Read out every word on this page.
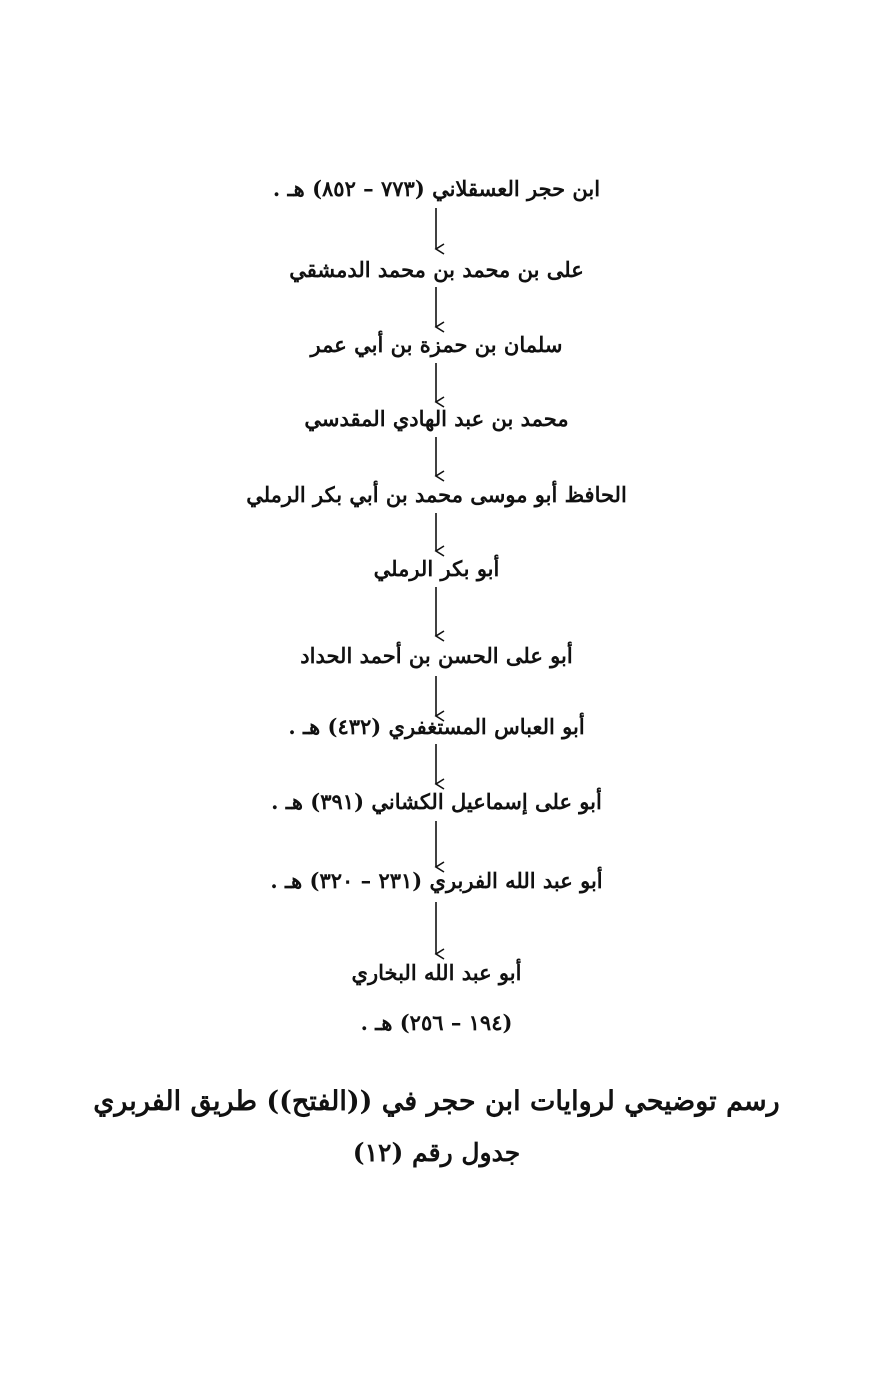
ابن حجر العسقلاني (٧٧٣ – ٨٥٢) هـ .
على بن محمد بن محمد الدمشقي
سلمان بن حمزة بن أبي عمر
محمد بن عبد الهادي المقدسي
الحافظ أبو موسى محمد بن أبي بكر الرملي
أبو بكر الرملي
أبو على الحسن بن أحمد الحداد
أبو العباس المستغفري (٤٣٢) هـ .
أبو على إسماعيل الكشاني (٣٩١) هـ .
أبو عبد الله الفربري (٢٣١ – ٣٢٠) هـ .
أبو عبد الله البخاري
(١٩٤ – ٢٥٦) هـ .
رسم توضيحي لروايات ابن حجر في ((الفتح)) طريق الفربري
جدول رقم (١٢)
